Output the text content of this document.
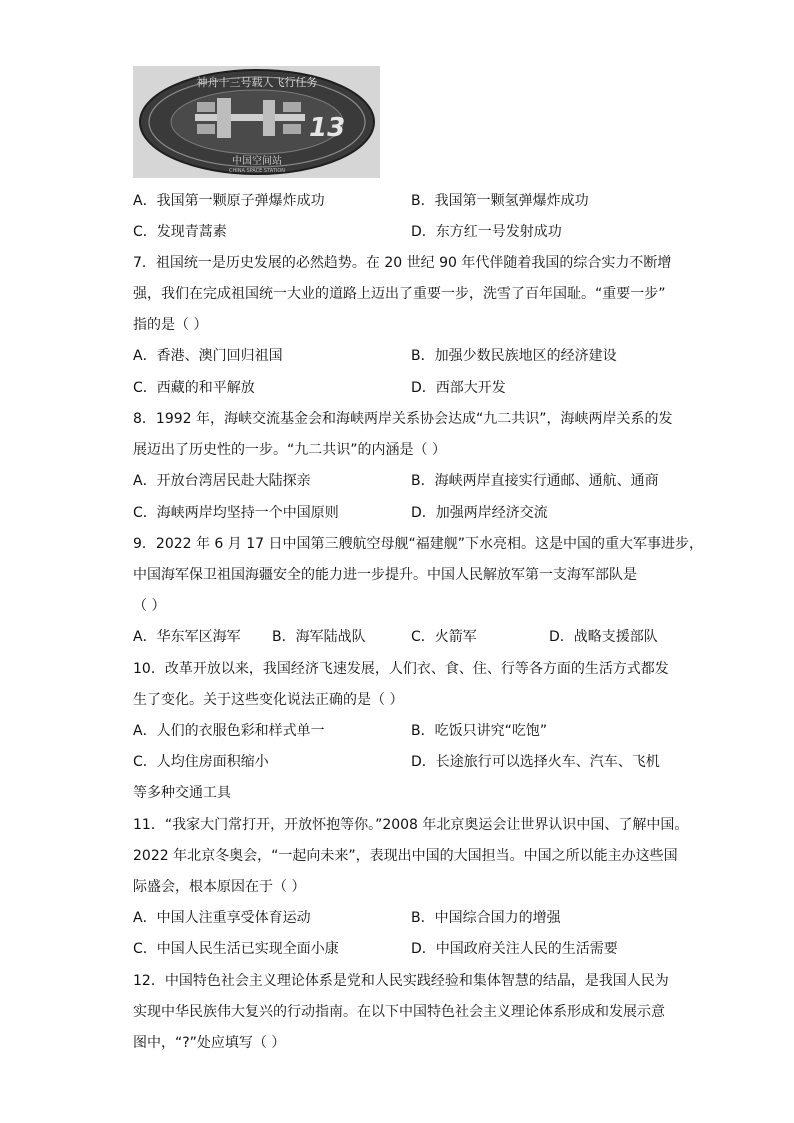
13
神舟十三号载人飞行任务
中国空间站
CHINA SPACE STATION
A．我国第一颗原子弹爆炸成功	B．我国第一颗氢弹爆炸成功
C．发现青蒿素	D．东方红一号发射成功
7．祖国统一是历史发展的必然趋势。在 20 世纪 90 年代伴随着我国的综合实力不断增
强，我们在完成祖国统一大业的道路上迈出了重要一步，洗雪了百年国耻。“重要一步”
指的是（ ）
A．香港、澳门回归祖国	B．加强少数民族地区的经济建设
C．西藏的和平解放	D．西部大开发
8．1992 年，海峡交流基金会和海峡两岸关系协会达成“九二共识”，海峡两岸关系的发
展迈出了历史性的一步。“九二共识”的内涵是（ ）
A．开放台湾居民赴大陆探亲	B．海峡两岸直接实行通邮、通航、通商
C．海峡两岸均坚持一个中国原则	D．加强两岸经济交流
9．2022 年 6 月 17 日中国第三艘航空母舰“福建舰”下水亮相。这是中国的重大军事进步，
中国海军保卫祖国海疆安全的能力进一步提升。中国人民解放军第一支海军部队是
（ ）
A．华东军区海军 B．海军陆战队	C．火箭军	D．战略支援部队
10．改革开放以来，我国经济飞速发展，人们衣、食、住、行等各方面的生活方式都发
生了变化。关于这些变化说法正确的是（ ）
A．人们的衣服色彩和样式单一	B．吃饭只讲究“吃饱”
C．人均住房面积缩小	D．长途旅行可以选择火车、汽车、飞机
等多种交通工具
11．“我家大门常打开，开放怀抱等你。”2008 年北京奥运会让世界认识中国、了解中国。
2022 年北京冬奥会，“一起向未来”，表现出中国的大国担当。中国之所以能主办这些国
际盛会，根本原因在于（ ）
A．中国人注重享受体育运动	B．中国综合国力的增强
C．中国人民生活已实现全面小康	D．中国政府关注人民的生活需要
12．中国特色社会主义理论体系是党和人民实践经验和集体智慧的结晶，是我国人民为
实现中华民族伟大复兴的行动指南。在以下中国特色社会主义理论体系形成和发展示意
图中，“?”处应填写（ ）
